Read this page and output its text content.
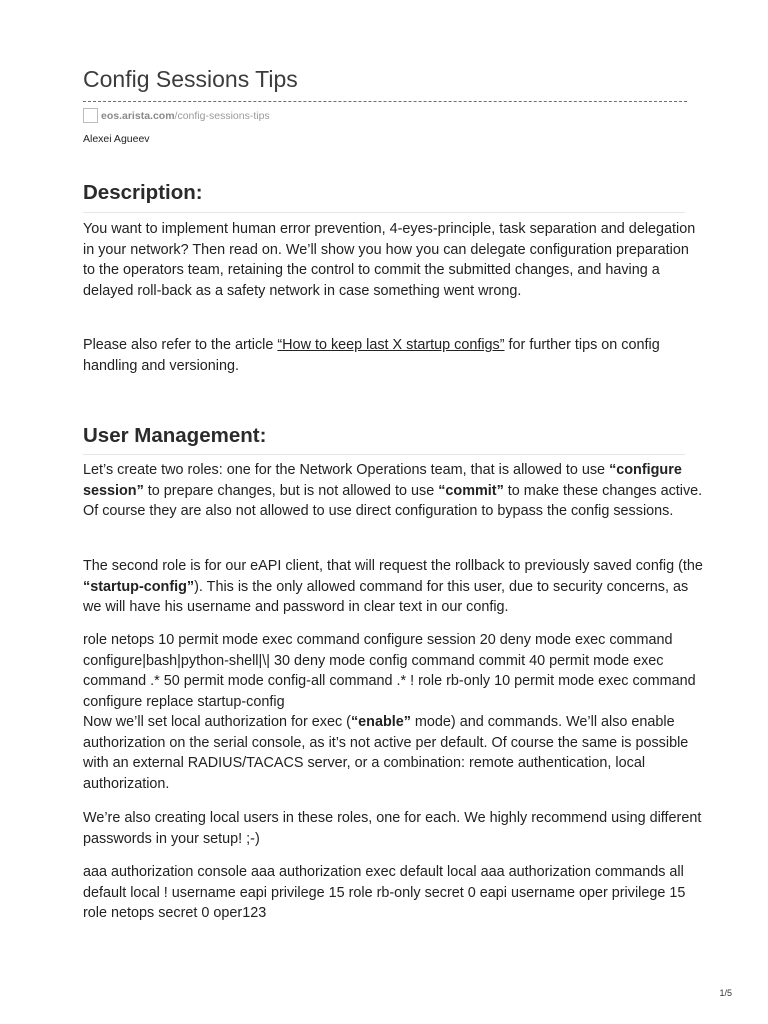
Config Sessions Tips
eos.arista.com/config-sessions-tips
Alexei Agueev
Description:

You want to implement human error prevention, 4-eyes-principle, task separation and delegation in your network? Then read on. We’ll show you how you can delegate configuration preparation to the operators team, retaining the control to commit the submitted changes, and having a delayed roll-back as a safety network in case something went wrong.

Please also refer to the article “How to keep last X startup configs” for further tips on config handling and versioning.

User Management:

Let’s create two roles: one for the Network Operations team, that is allowed to use “configure session” to prepare changes, but is not allowed to use “commit” to make these changes active. Of course they are also not allowed to use direct configuration to bypass the config sessions.

The second role is for our eAPI client, that will request the rollback to previously saved config (the “startup-config”). This is the only allowed command for this user, due to security concerns, as we will have his username and password in clear text in our config.

role netops 10 permit mode exec command configure session 20 deny mode exec command configure|bash|python-shell|\| 30 deny mode config command commit 40 permit mode exec command .* 50 permit mode config-all command .* ! role rb-only 10 permit mode exec command configure replace startup-config

Now we’ll set local authorization for exec (“enable” mode) and commands. We’ll also enable authorization on the serial console, as it’s not active per default. Of course the same is possible with an external RADIUS/TACACS server, or a combination: remote authentication, local authorization.

We’re also creating local users in these roles, one for each. We highly recommend using different passwords in your setup! ;-)

aaa authorization console aaa authorization exec default local aaa authorization commands all default local ! username eapi privilege 15 role rb-only secret 0 eapi username oper privilege 15 role netops secret 0 oper123

1/5
